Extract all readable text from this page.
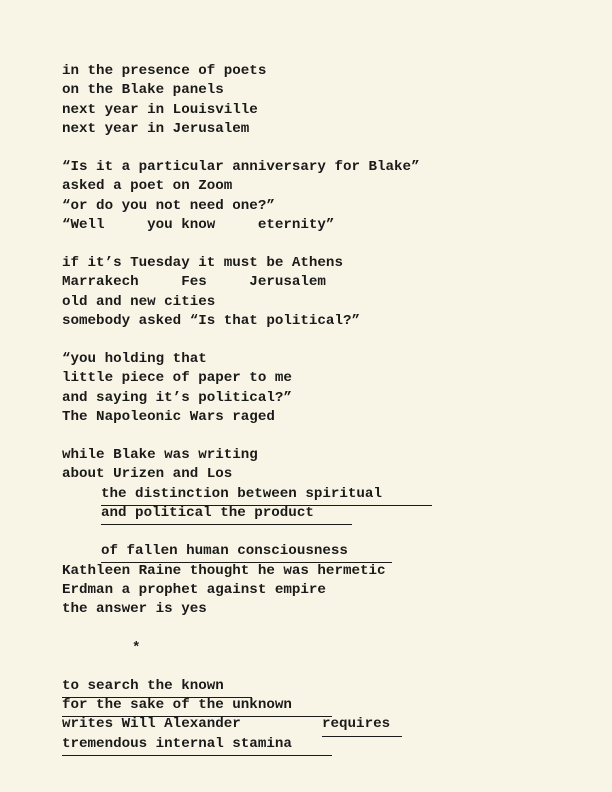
in the presence of poets
on the Blake panels
next year in Louisville
next year in Jerusalem
“Is it a particular anniversary for Blake”
asked a poet on Zoom
“or do you not need one?”
“Well     you know     eternity”
if it’s Tuesday it must be Athens
Marrakech     Fes     Jerusalem
old and new cities
somebody asked “Is that political?”
“you holding that
little piece of paper to me
and saying it’s political?”
The Napoleonic Wars raged
while Blake was writing
about Urizen and Los
the distinction between spiritual
and political the product
of fallen human consciousness
Kathleen Raine thought he was hermetic
Erdman a prophet against empire
the answer is yes
*
to search the known
for the sake of the unknown
writes Will Alexander	requires
tremendous internal stamina
